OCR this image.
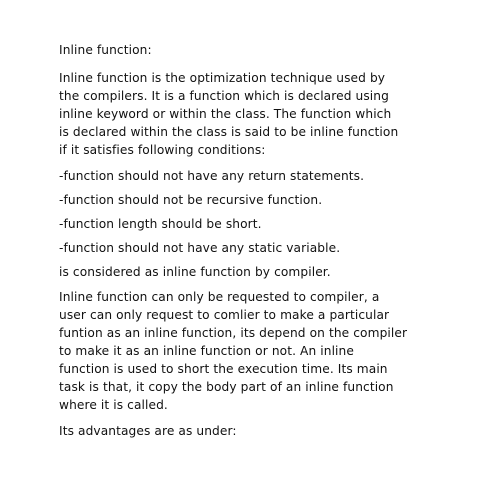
Inline function:
Inline function is the optimization technique used by
the compilers. It is a function which is declared using
inline keyword or within the class. The function which
is declared within the class is said to be inline function
if it satisfies following conditions:
-function should not have any return statements.
-function should not be recursive function.
-function length should be short.
-function should not have any static variable.
is considered as inline function by compiler.
Inline function can only be requested to compiler, a
user can only request to comlier to make a particular
funtion as an inline function, its depend on the compiler
to make it as an inline function or not. An inline
function is used to short the execution time. Its main
task is that, it copy the body part of an inline function
where it is called.
Its advantages are as under:
